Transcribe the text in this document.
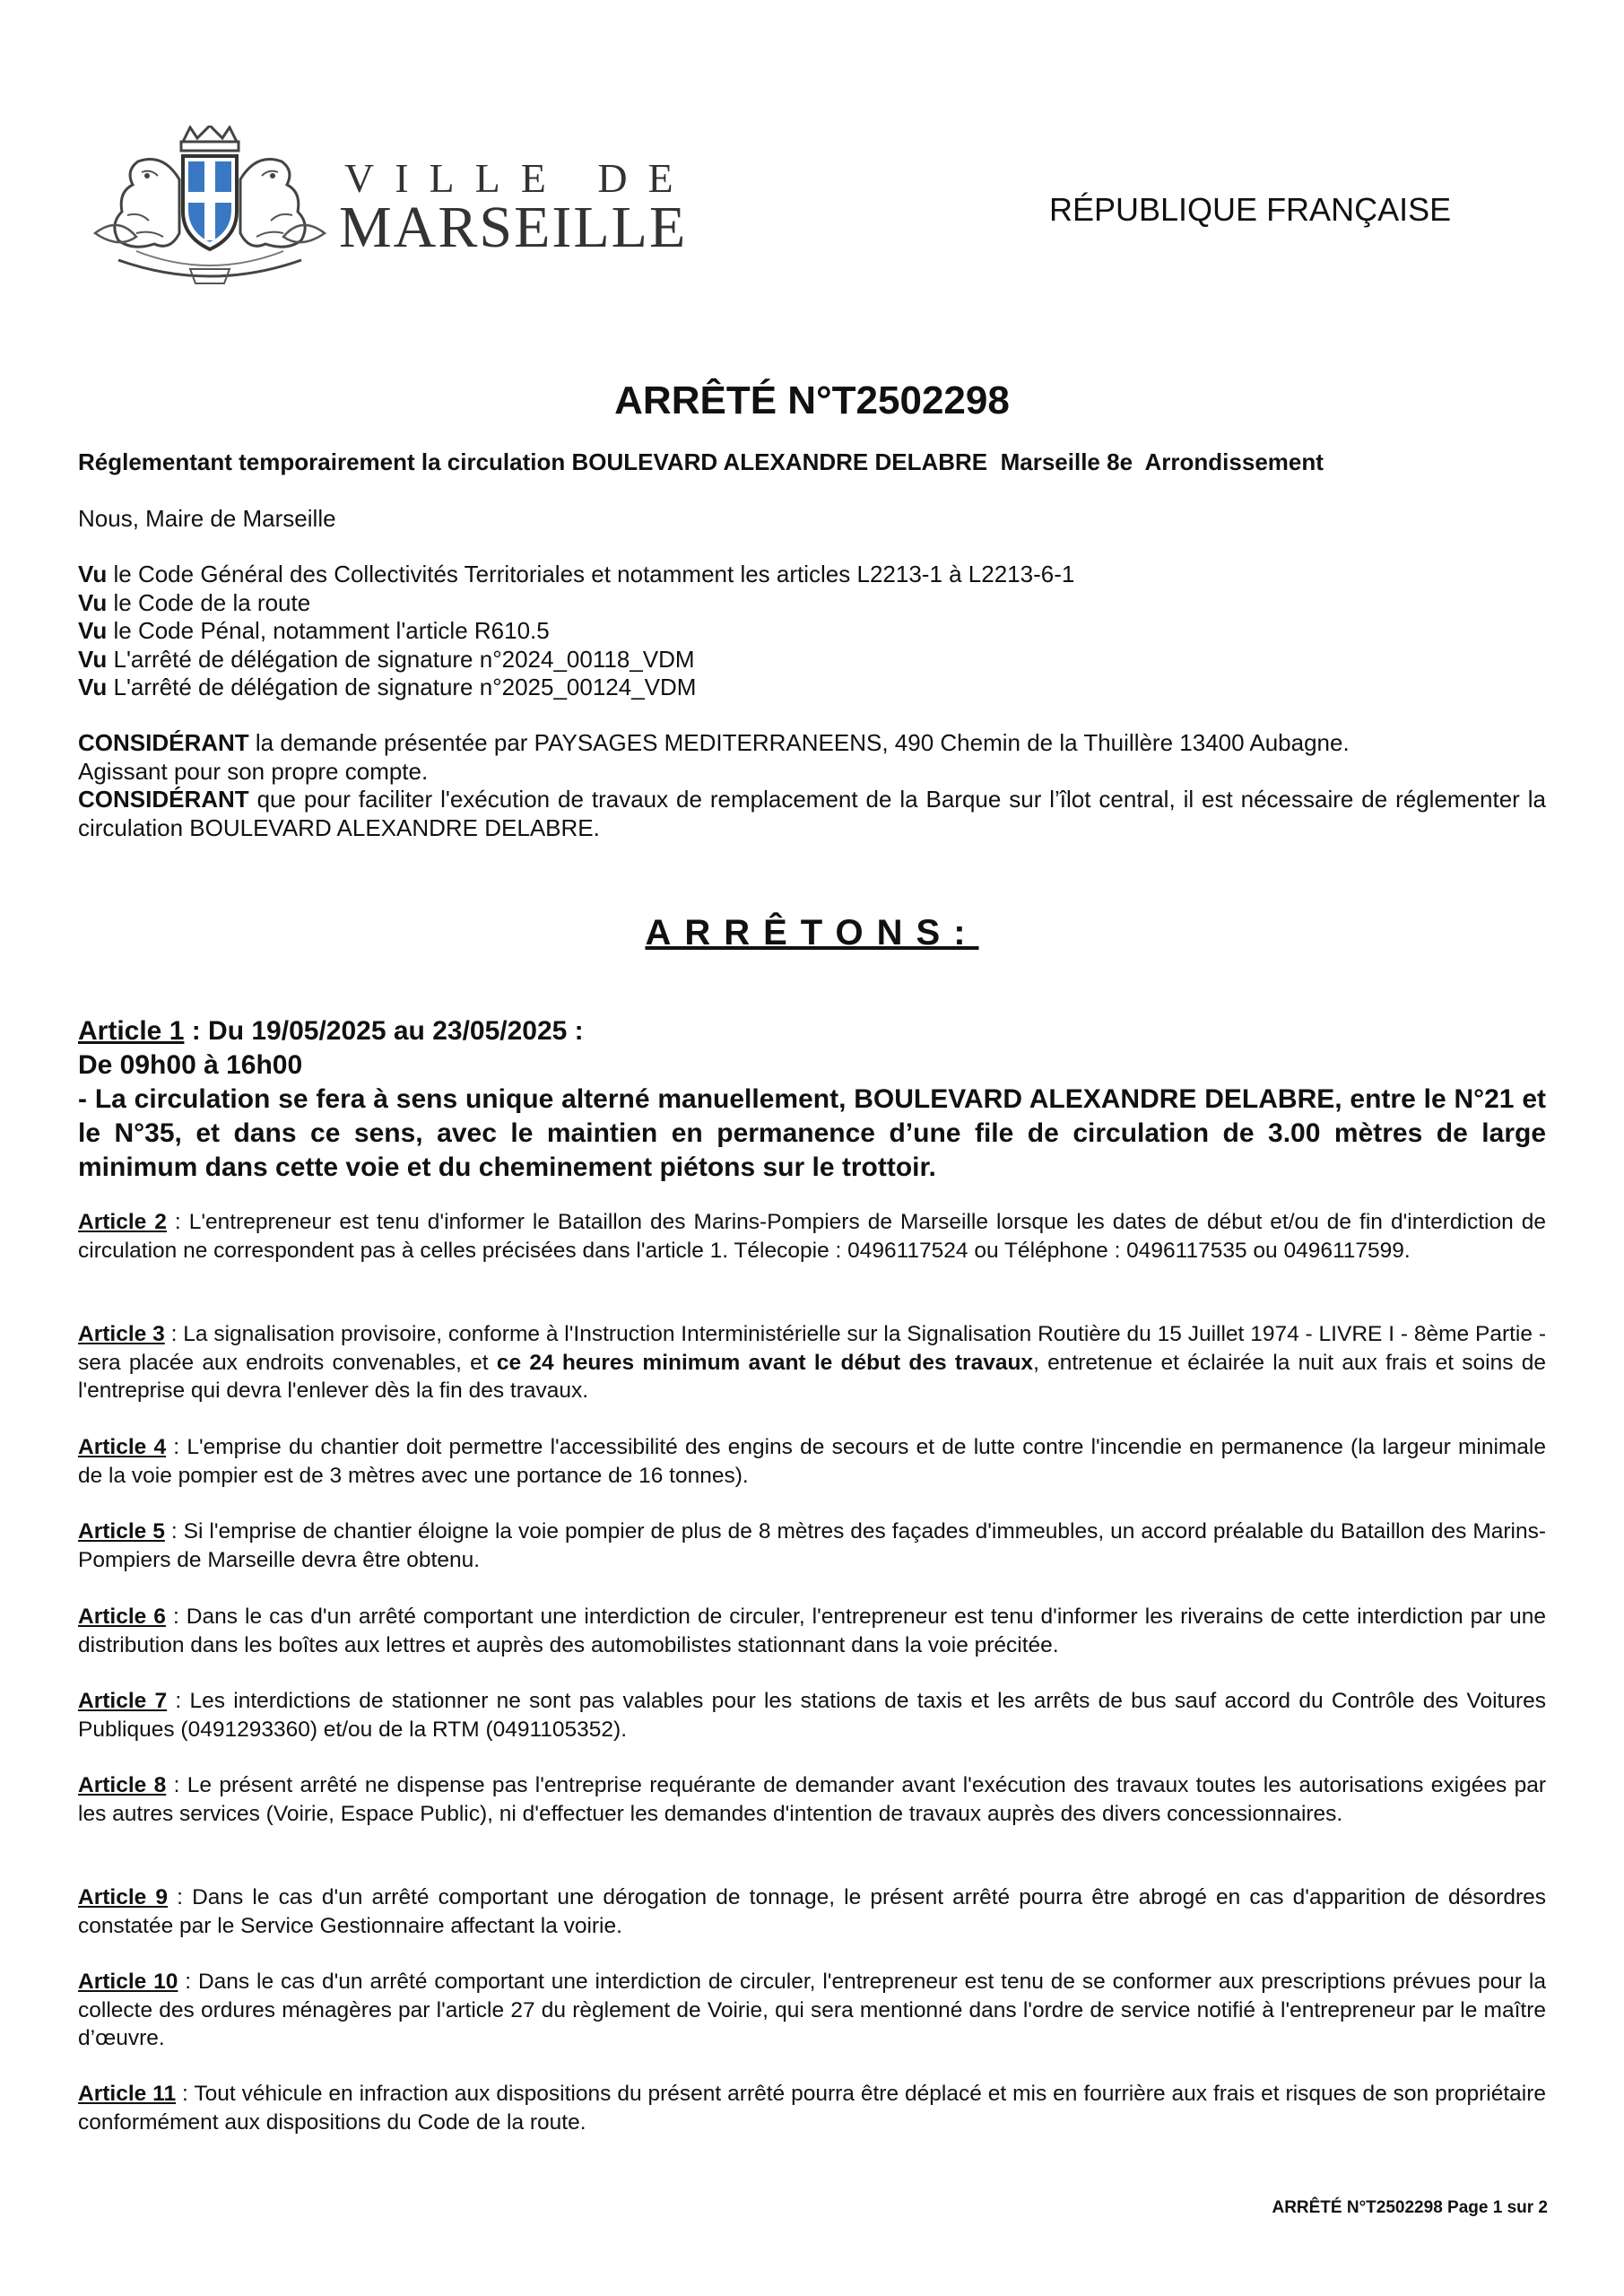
VILLE DE
MARSEILLE	RÉPUBLIQUE FRANÇAISE
ARRÊTÉ N°T2502298
Réglementant temporairement la circulation BOULEVARD ALEXANDRE DELABRE  Marseille 8e  Arrondissement
Nous, Maire de Marseille
Vu le Code Général des Collectivités Territoriales et notamment les articles L2213-1 à L2213-6-1
Vu le Code de la route
Vu le Code Pénal, notamment l'article R610.5
Vu L'arrêté de délégation de signature n°2024_00118_VDM
Vu L'arrêté de délégation de signature n°2025_00124_VDM
CONSIDÉRANT la demande présentée par PAYSAGES MEDITERRANEENS, 490 Chemin de la Thuillère 13400 Aubagne.
Agissant pour son propre compte.
CONSIDÉRANT que pour faciliter l'exécution de travaux de remplacement de la Barque sur l’îlot central, il est nécessaire de réglementer la circulation BOULEVARD ALEXANDRE DELABRE.
ARRÊTONS:
Article 1 : Du 19/05/2025 au 23/05/2025 :
De 09h00 à 16h00
- La circulation se fera à sens unique alterné manuellement, BOULEVARD ALEXANDRE DELABRE, entre le N°21 et le N°35, et dans ce sens, avec le maintien en permanence d’une file de circulation de 3.00 mètres de large minimum dans cette voie et du cheminement piétons sur le trottoir.
Article 2 : L'entrepreneur est tenu d'informer le Bataillon des Marins-Pompiers de Marseille lorsque les dates de début et/ou de fin d'interdiction de circulation ne correspondent pas à celles précisées dans l'article 1. Télecopie : 0496117524 ou Téléphone : 0496117535 ou 0496117599.
Article 3 : La signalisation provisoire, conforme à l'Instruction Interministérielle sur la Signalisation Routière du 15 Juillet 1974 - LIVRE I - 8ème Partie - sera placée aux endroits convenables, et ce 24 heures minimum avant le début des travaux, entretenue et éclairée la nuit aux frais et soins de l'entreprise qui devra l'enlever dès la fin des travaux.
Article 4 : L'emprise du chantier doit permettre l'accessibilité des engins de secours et de lutte contre l'incendie en permanence (la largeur minimale de la voie pompier est de 3 mètres avec une portance de 16 tonnes).
Article 5 : Si l'emprise de chantier éloigne la voie pompier de plus de 8 mètres des façades d'immeubles, un accord préalable du Bataillon des Marins-Pompiers de Marseille devra être obtenu.
Article 6 : Dans le cas d'un arrêté comportant une interdiction de circuler, l'entrepreneur est tenu d'informer les riverains de cette interdiction par une distribution dans les boîtes aux lettres et auprès des automobilistes stationnant dans la voie précitée.
Article 7 : Les interdictions de stationner ne sont pas valables pour les stations de taxis et les arrêts de bus sauf accord du Contrôle des Voitures Publiques (0491293360) et/ou de la RTM (0491105352).
Article 8 : Le présent arrêté ne dispense pas l'entreprise requérante de demander avant l'exécution des travaux toutes les autorisations exigées par les autres services (Voirie, Espace Public), ni d'effectuer les demandes d'intention de travaux auprès des divers concessionnaires.
Article 9 : Dans le cas d'un arrêté comportant une dérogation de tonnage, le présent arrêté pourra être abrogé en cas d'apparition de désordres constatée par le Service Gestionnaire affectant la voirie.
Article 10 : Dans le cas d'un arrêté comportant une interdiction de circuler, l'entrepreneur est tenu de se conformer aux prescriptions prévues pour la collecte des ordures ménagères par l'article 27 du règlement de Voirie, qui sera mentionné dans l'ordre de service notifié à l'entrepreneur par le maître d’œuvre.
Article 11 : Tout véhicule en infraction aux dispositions du présent arrêté pourra être déplacé et mis en fourrière aux frais et risques de son propriétaire conformément aux dispositions du Code de la route.
ARRÊTÉ N°T2502298 Page 1 sur 2
